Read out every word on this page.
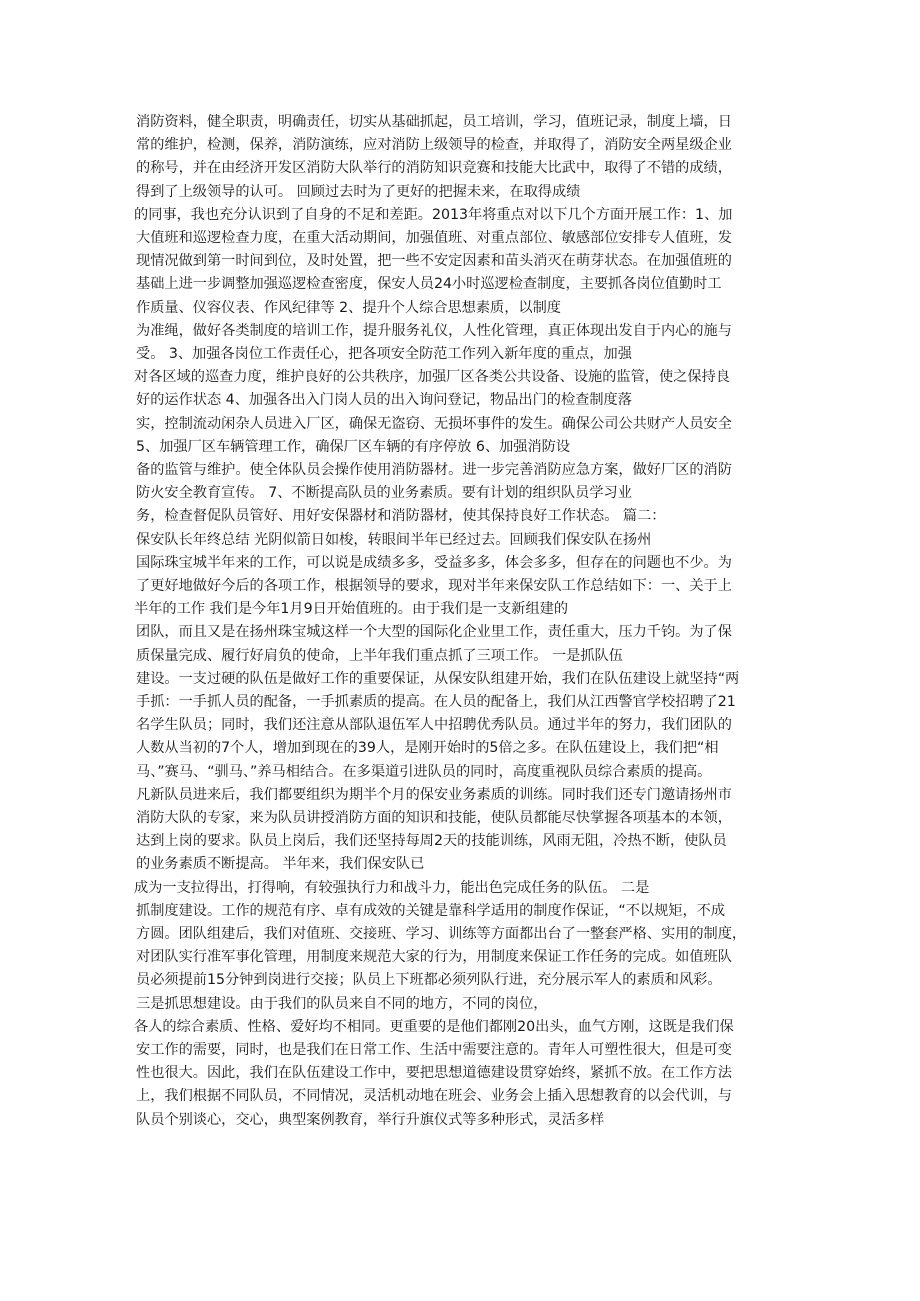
消防资料，健全职责，明确责任，切实从基础抓起，员工培训，学习，值班记录，制度上墙，日
常的维护，检测，保养，消防演练，应对消防上级领导的检查，并取得了，消防安全两星级企业
的称号，并在由经济开发区消防大队举行的消防知识竞赛和技能大比武中，取得了不错的成绩，
得到了上级领导的认可。 回顾过去时为了更好的把握未来，在取得成绩
的同事，我也充分认识到了自身的不足和差距。2013年将重点对以下几个方面开展工作：1、加
大值班和巡逻检查力度，在重大活动期间，加强值班、对重点部位、敏感部位安排专人值班，发
现情况做到第一时间到位，及时处置，把一些不安定因素和苗头消灭在萌芽状态。在加强值班的
基础上进一步调整加强巡逻检查密度，保安人员24小时巡逻检查制度，主要抓各岗位值勤时工
作质量、仪容仪表、作风纪律等 2、提升个人综合思想素质，以制度
为准绳，做好各类制度的培训工作，提升服务礼仪，人性化管理，真正体现出发自于内心的施与
受。 3、加强各岗位工作责任心，把各项安全防范工作列入新年度的重点，加强
对各区域的巡查力度，维护良好的公共秩序，加强厂区各类公共设备、设施的监管，使之保持良
好的运作状态 4、加强各出入门岗人员的出入询问登记，物品出门的检查制度落
实，控制流动闲杂人员进入厂区，确保无盗窃、无损坏事件的发生。确保公司公共财产人员安全
5、加强厂区车辆管理工作，确保厂区车辆的有序停放 6、加强消防设
备的监管与维护。使全体队员会操作使用消防器材。进一步完善消防应急方案，做好厂区的消防
防火安全教育宣传。 7、不断提高队员的业务素质。要有计划的组织队员学习业
务，检查督促队员管好、用好安保器材和消防器材，使其保持良好工作状态。 篇二：
保安队长年终总结 光阴似箭日如梭，转眼间半年已经过去。回顾我们保安队在扬州
国际珠宝城半年来的工作，可以说是成绩多多，受益多多，体会多多，但存在的问题也不少。为
了更好地做好今后的各项工作，根据领导的要求，现对半年来保安队工作总结如下：一、关于上
半年的工作 我们是今年1月9日开始值班的。由于我们是一支新组建的
团队，而且又是在扬州珠宝城这样一个大型的国际化企业里工作，责任重大，压力千钧。为了保
质保量完成、履行好肩负的使命，上半年我们重点抓了三项工作。 一是抓队伍
建设。一支过硬的队伍是做好工作的重要保证，从保安队组建开始，我们在队伍建设上就坚持“两
手抓：一手抓人员的配备，一手抓素质的提高。在人员的配备上，我们从江西警官学校招聘了21
名学生队员；同时，我们还注意从部队退伍军人中招聘优秀队员。通过半年的努力，我们团队的
人数从当初的7个人，增加到现在的39人，是刚开始时的5倍之多。在队伍建设上，我们把“相
马、”赛马、“驯马、”养马相结合。在多渠道引进队员的同时，高度重视队员综合素质的提高。
凡新队员进来后，我们都要组织为期半个月的保安业务素质的训练。同时我们还专门邀请扬州市
消防大队的专家，来为队员讲授消防方面的知识和技能，使队员都能尽快掌握各项基本的本领，
达到上岗的要求。队员上岗后，我们还坚持每周2天的技能训练，风雨无阻，冷热不断，使队员
的业务素质不断提高。 半年来，我们保安队已
成为一支拉得出，打得响，有较强执行力和战斗力，能出色完成任务的队伍。 二是
抓制度建设。工作的规范有序、卓有成效的关键是靠科学适用的制度作保证，“不以规矩，不成
方圆。团队组建后，我们对值班、交接班、学习、训练等方面都出台了一整套严格、实用的制度，
对团队实行准军事化管理，用制度来规范大家的行为，用制度来保证工作任务的完成。如值班队
员必须提前15分钟到岗进行交接；队员上下班都必须列队行进，充分展示军人的素质和风彩。
三是抓思想建设。由于我们的队员来自不同的地方，不同的岗位，
各人的综合素质、性格、爱好均不相同。更重要的是他们都刚20出头，血气方刚，这既是我们保
安工作的需要，同时，也是我们在日常工作、生活中需要注意的。青年人可塑性很大，但是可变
性也很大。因此，我们在队伍建设工作中，要把思想道德建设贯穿始终，紧抓不放。在工作方法
上，我们根据不同队员，不同情况，灵活机动地在班会、业务会上插入思想教育的以会代训，与
队员个别谈心，交心，典型案例教育，举行升旗仪式等多种形式，灵活多样
